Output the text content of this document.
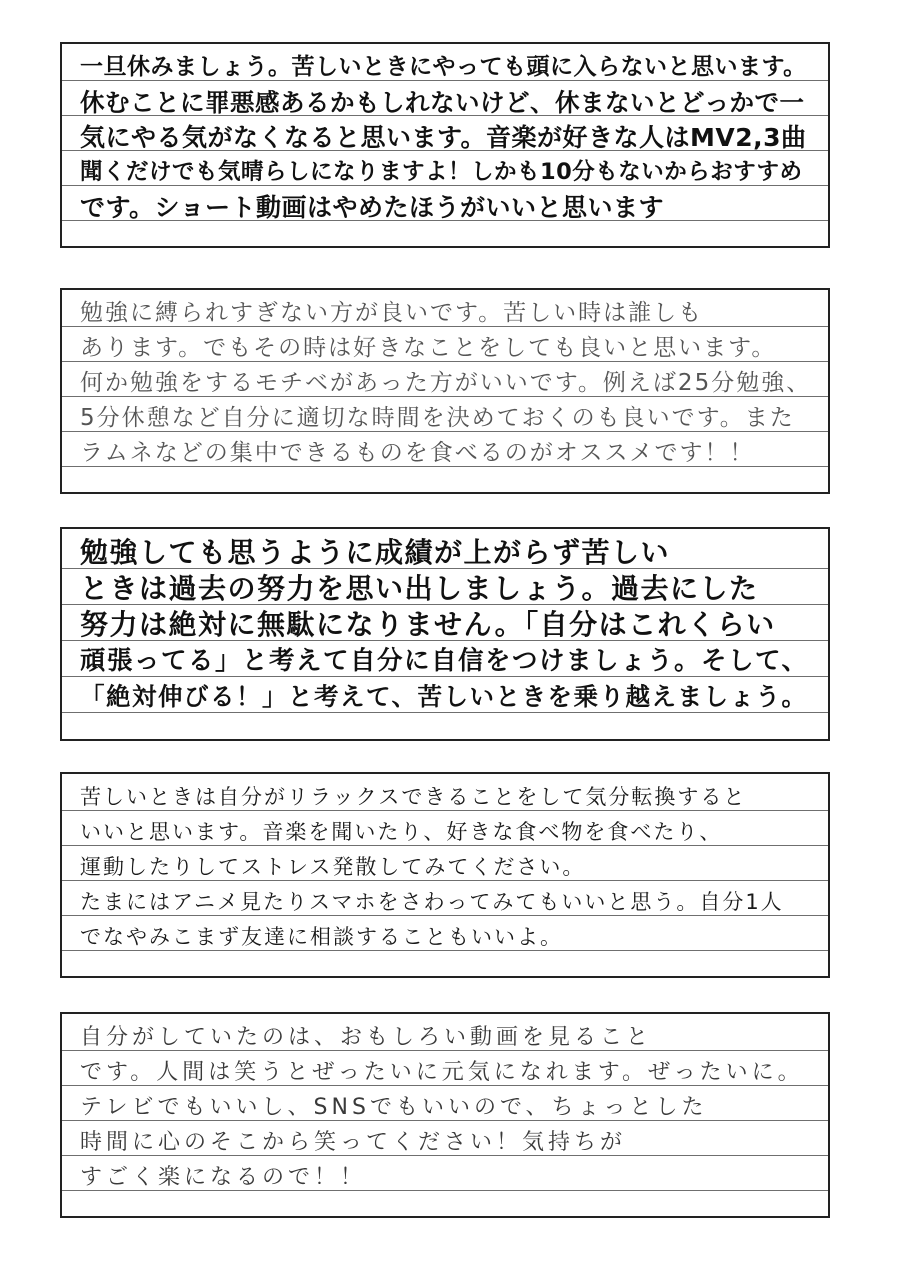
一旦休みましょう。苦しいときにやっても頭に入らないと思います。
休むことに罪悪感あるかもしれないけど、休まないとどっかで一
気にやる気がなくなると思います。音楽が好きな人はMV2,3曲
聞くだけでも気晴らしになりますよ！しかも10分もないからおすすめ
です。ショート動画はやめたほうがいいと思います
勉強に縛られすぎない方が良いです。苦しい時は誰しも
あります。でもその時は好きなことをしても良いと思います。
何か勉強をするモチベがあった方がいいです。例えば25分勉強、
5分休憩など自分に適切な時間を決めておくのも良いです。また
ラムネなどの集中できるものを食べるのがオススメです！！
勉強しても思うように成績が上がらず苦しい
ときは過去の努力を思い出しましょう。過去にした
努力は絶対に無駄になりません。「自分はこれくらい
頑張ってる」と考えて自分に自信をつけましょう。そして、
「絶対伸びる！」と考えて、苦しいときを乗り越えましょう。
苦しいときは自分がリラックスできることをして気分転換すると
いいと思います。音楽を聞いたり、好きな食べ物を食べたり、
運動したりしてストレス発散してみてください。
たまにはアニメ見たりスマホをさわってみてもいいと思う。自分1人
でなやみこまず友達に相談することもいいよ。
自分がしていたのは、おもしろい動画を見ること
です。人間は笑うとぜったいに元気になれます。ぜったいに。
テレビでもいいし、SNSでもいいので、ちょっとした
時間に心のそこから笑ってください！気持ちが
すごく楽になるので！！
